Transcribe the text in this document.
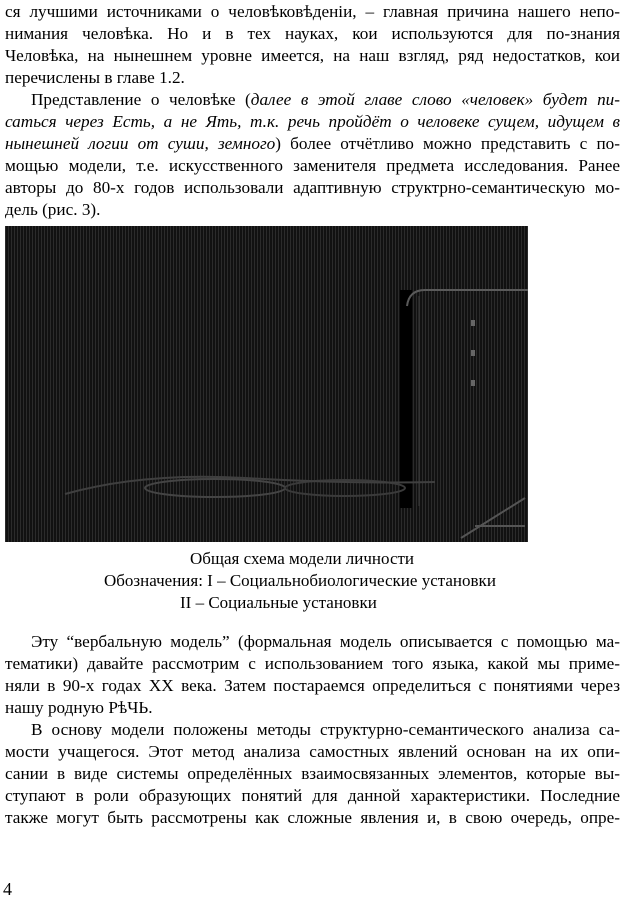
ся лучшими источниками о человѣковѣденiи, – главная причина нашего непо-
нимания человѣка. Но и в тех науках, кои используются для по-знания
Человѣка, на нынешнем уровне имеется, на наш взгляд, ряд недостатков, кои
перечислены в главе 1.2.
Представление о человѣке (далее в этой главе слово «человек» будет пи-
саться через Есть, а не Ять, т.к. речь пройдёт о человеке сущем, идущем в
нынешней логии от суши, земного) более отчётливо можно представить с по-
мощью модели, т.е. искусственного заменителя предмета исследования. Ранее
авторы до 80-х годов использовали адаптивную структрно-семантическую мо-
дель (рис. 3).
Общая схема модели личности
Обозначения: I – Социальнобиологические установки
II – Социальные установки
Эту “вербальную модель” (формальная модель описывается с помощью ма-
тематики) давайте рассмотрим с использованием того языка, какой мы приме-
няли в 90-х годах XX века. Затем постараемся определиться с понятиями через
нашу родную РѣЧЬ.
В основу модели положены методы структурно-семантического анализа са-
мости учащегося. Этот метод анализа самостных явлений основан на их опи-
сании в виде системы определённых взаимосвязанных элементов, которые вы-
ступают в роли образующих понятий для данной характеристики. Последние
также могут быть рассмотрены как сложные явления и, в свою очередь, опре-
4
